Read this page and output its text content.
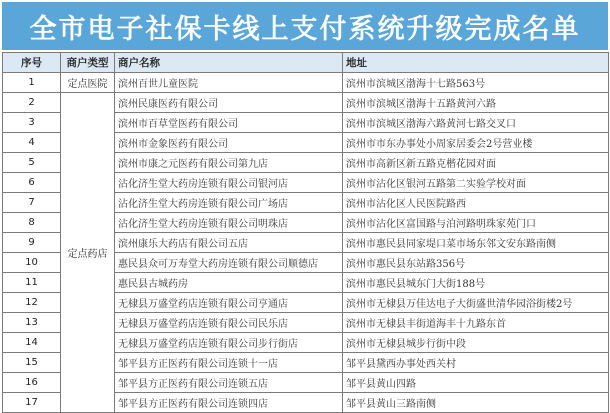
全市电子社保卡线上支付系统升级完成名单
序号	商户类型	商户名称	地址
1	定点医院	滨州百世儿童医院	滨州市滨城区渤海十七路563号
2	定点药店	滨州民康医药有限公司	滨州市滨城区渤海十五路黄河六路
3		滨州市百草堂医药有限公司	滨州市滨城区渤海六路黄河七路交叉口
4		滨州市金象医药有限公司	滨州市市东办事处小周家居委会2号营业楼
5		滨州市康之元医药有限公司第九店	滨州市高新区新五路克楷花园对面
6		沾化济生堂大药房连锁有限公司银河店	滨州市沾化区银河五路第二实验学校对面
7		沾化济生堂大药房连锁有限公司广场店	滨州市沾化区人民医院路西
8		沾化济生堂大药房连锁有限公司明珠店	滨州市沾化区富国路与泊河路明珠家苑门口
9		滨州康乐大药店有限公司五店	滨州市惠民县同家堤口菜市场东邻文安东路南侧
10		惠民县众可万寿堂大药房连锁有限公司顺德店	滨州市惠民县东站路356号
11		惠民县古城药房	滨州市惠民县城东门大街188号
12		无棣县万盛堂药店连锁有限公司亨通店	滨州市无棣县万佳达电子大街盛世清华园浴街楼2号
13		无棣县万盛堂药店连锁有限公司民乐店	滨州市无棣县丰街道海丰十九路东首
14		无棣县万盛堂药店连锁有限公司步行街店	滨州市无棣县城步行街中段
15		邹平县方正医药有限公司连锁十一店	邹平县黛西办事处西关村
16		邹平县方正医药有限公司连锁五店	邹平县黄山四路
17		邹平县方正医药有限公司连锁四店	邹平县黄山三路南侧
